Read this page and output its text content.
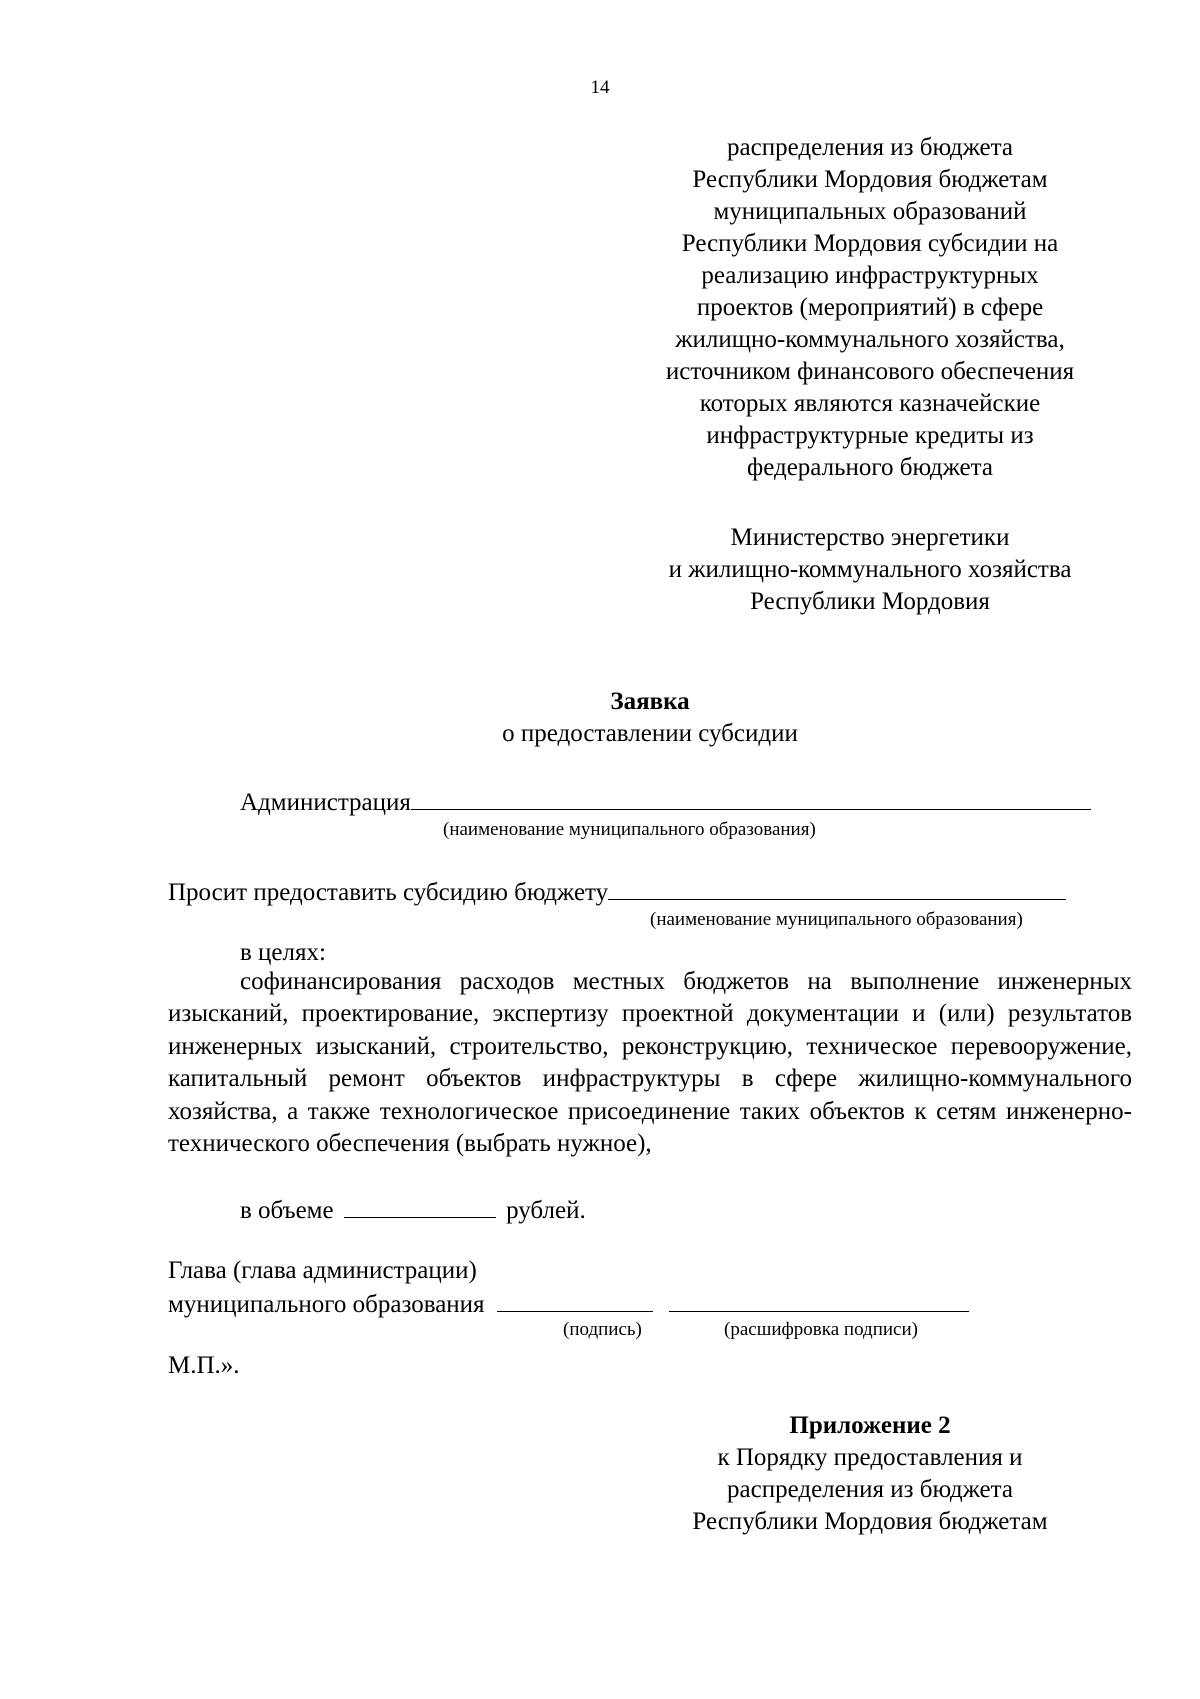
14
распределения из бюджета
Республики Мордовия бюджетам
муниципальных образований
Республики Мордовия субсидии на
реализацию инфраструктурных
проектов (мероприятий) в сфере
жилищно-коммунального хозяйства,
источником финансового обеспечения
которых являются казначейские
инфраструктурные кредиты из
федерального бюджета
Министерство энергетики
и жилищно-коммунального хозяйства
Республики Мордовия
Заявка
о предоставлении субсидии
Администрация
(наименование муниципального образования)
Просит предоставить субсидию бюджету
(наименование муниципального образования)
в целях:

софинансирования расходов местных бюджетов на выполнение инженерных изысканий, проектирование, экспертизу проектной документации и (или) результатов инженерных изысканий, строительство, реконструкцию, техническое перевооружение, капитальный ремонт объектов инфраструктуры в сфере жилищно-коммунального хозяйства, а также технологическое присоединение таких объектов к сетям инженерно-технического обеспечения (выбрать нужное),

в объеме	рублей.
Глава (глава администрации)
муниципального образования
(подпись)	(расшифровка подписи)
М.П.».
Приложение 2
к Порядку предоставления и
распределения из бюджета
Республики Мордовия бюджетам
